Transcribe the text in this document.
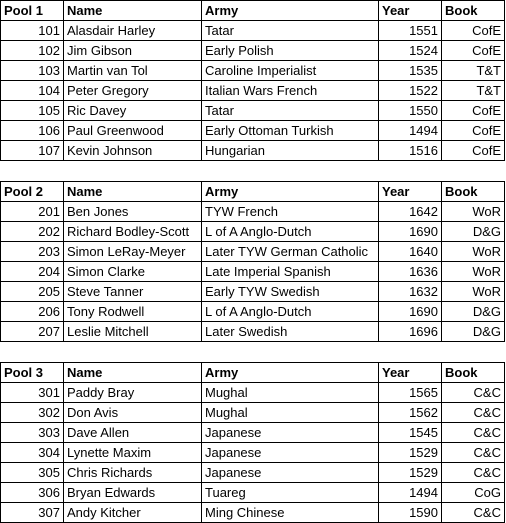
Pool 1	Name	Army	Year	Book
101	Alasdair Harley	Tatar	1551	CofE
102	Jim Gibson	Early Polish	1524	CofE
103	Martin van Tol	Caroline Imperialist	1535	T&T
104	Peter Gregory	Italian Wars French	1522	T&T
105	Ric Davey	Tatar	1550	CofE
106	Paul Greenwood	Early Ottoman Turkish	1494	CofE
107	Kevin Johnson	Hungarian	1516	CofE

Pool 2	Name	Army	Year	Book
201	Ben Jones	TYW French	1642	WoR
202	Richard Bodley-Scott	L of A Anglo-Dutch	1690	D&G
203	Simon LeRay-Meyer	Later TYW German Catholic	1640	WoR
204	Simon Clarke	Late Imperial Spanish	1636	WoR
205	Steve Tanner	Early TYW Swedish	1632	WoR
206	Tony Rodwell	L of A Anglo-Dutch	1690	D&G
207	Leslie Mitchell	Later Swedish	1696	D&G

Pool 3	Name	Army	Year	Book
301	Paddy Bray	Mughal	1565	C&C
302	Don Avis	Mughal	1562	C&C
303	Dave Allen	Japanese	1545	C&C
304	Lynette Maxim	Japanese	1529	C&C
305	Chris Richards	Japanese	1529	C&C
306	Bryan Edwards	Tuareg	1494	CoG
307	Andy Kitcher	Ming Chinese	1590	C&C
